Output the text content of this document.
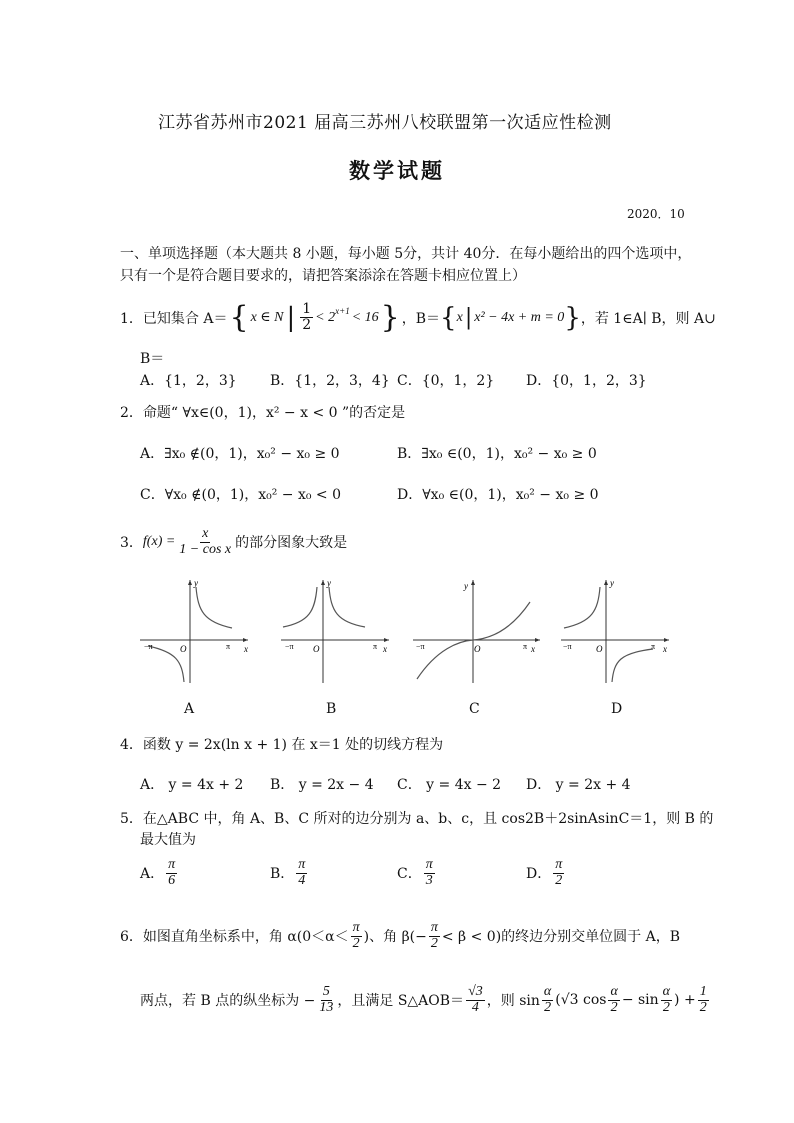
江苏省苏州市2021 届高三苏州八校联盟第一次适应性检测
数学试题
2020．10
一、单项选择题（本大题共 8 小题，每小题 5分，共计 40分．在每小题给出的四个选项中，
只有一个是符合题目要求的，请把答案添涂在答题卡相应位置上）
1．已知集合 A＝ { x ∈ N | $\frac{1}{2} < 2^{x+1} < 16$ } ，B＝ { x | x² − 4x + m = 0 } ，若 1∈A∣ B，则 A∪
B＝
A．{1，2，3} B．{1，2，3，4} C．{0，1，2} D．{0，1，2，3}
2．命题“ ∀x∈(0，1)，x² − x < 0 ”的否定是
A．∃x₀ ∉(0，1)，x₀² − x₀ ≥ 0	B．∃x₀ ∈(0，1)，x₀² − x₀ ≥ 0
C．∀x₀ ∉(0，1)，x₀² − x₀ < 0	D．∀x₀ ∈(0，1)，x₀² − x₀ ≥ 0
3． $f(x) = \frac{x}{\text{1 − cos x}}$ 的部分图象大致是
x
y
O
−π	π
A
x
y
O
−π	π
B
x
y
O
−π	π
C
x
y
O
−π	π
D
4．函数 y = 2x(ln x + 1) 在 x＝1 处的切线方程为
A． y = 4x + 2 B． y = 2x − 4 C． y = 4x − 2 D． y = 2x + 4
5．在△ABC 中，角 A、B、C 所对的边分别为 a、b、c，且 cos2B＋2sinAsinC＝1，则 B 的
最大值为
A． $\frac{\pi}{6}$	B． $\frac{\pi}{4}$	C． $\frac{\pi}{3}$	D． $\frac{\pi}{2}$
6．如图直角坐标系中，角 $\alpha(0<\alpha< \frac{\pi}{2}$ )、角 $\beta(- \frac{\pi}{2} < \beta < 0)$的终边分别交单位圆于 A，B
两点，若 B 点的纵坐标为 − $\frac{5}{13}$ ，且满足 S△AOB＝ $\frac{√3}{4}$ ，则 $\sin \frac{\alpha}{2} (√3$ $\cos \frac{\alpha}{2} - \sin \frac{\alpha}{2}$ ) + $\frac{1}{2}$
